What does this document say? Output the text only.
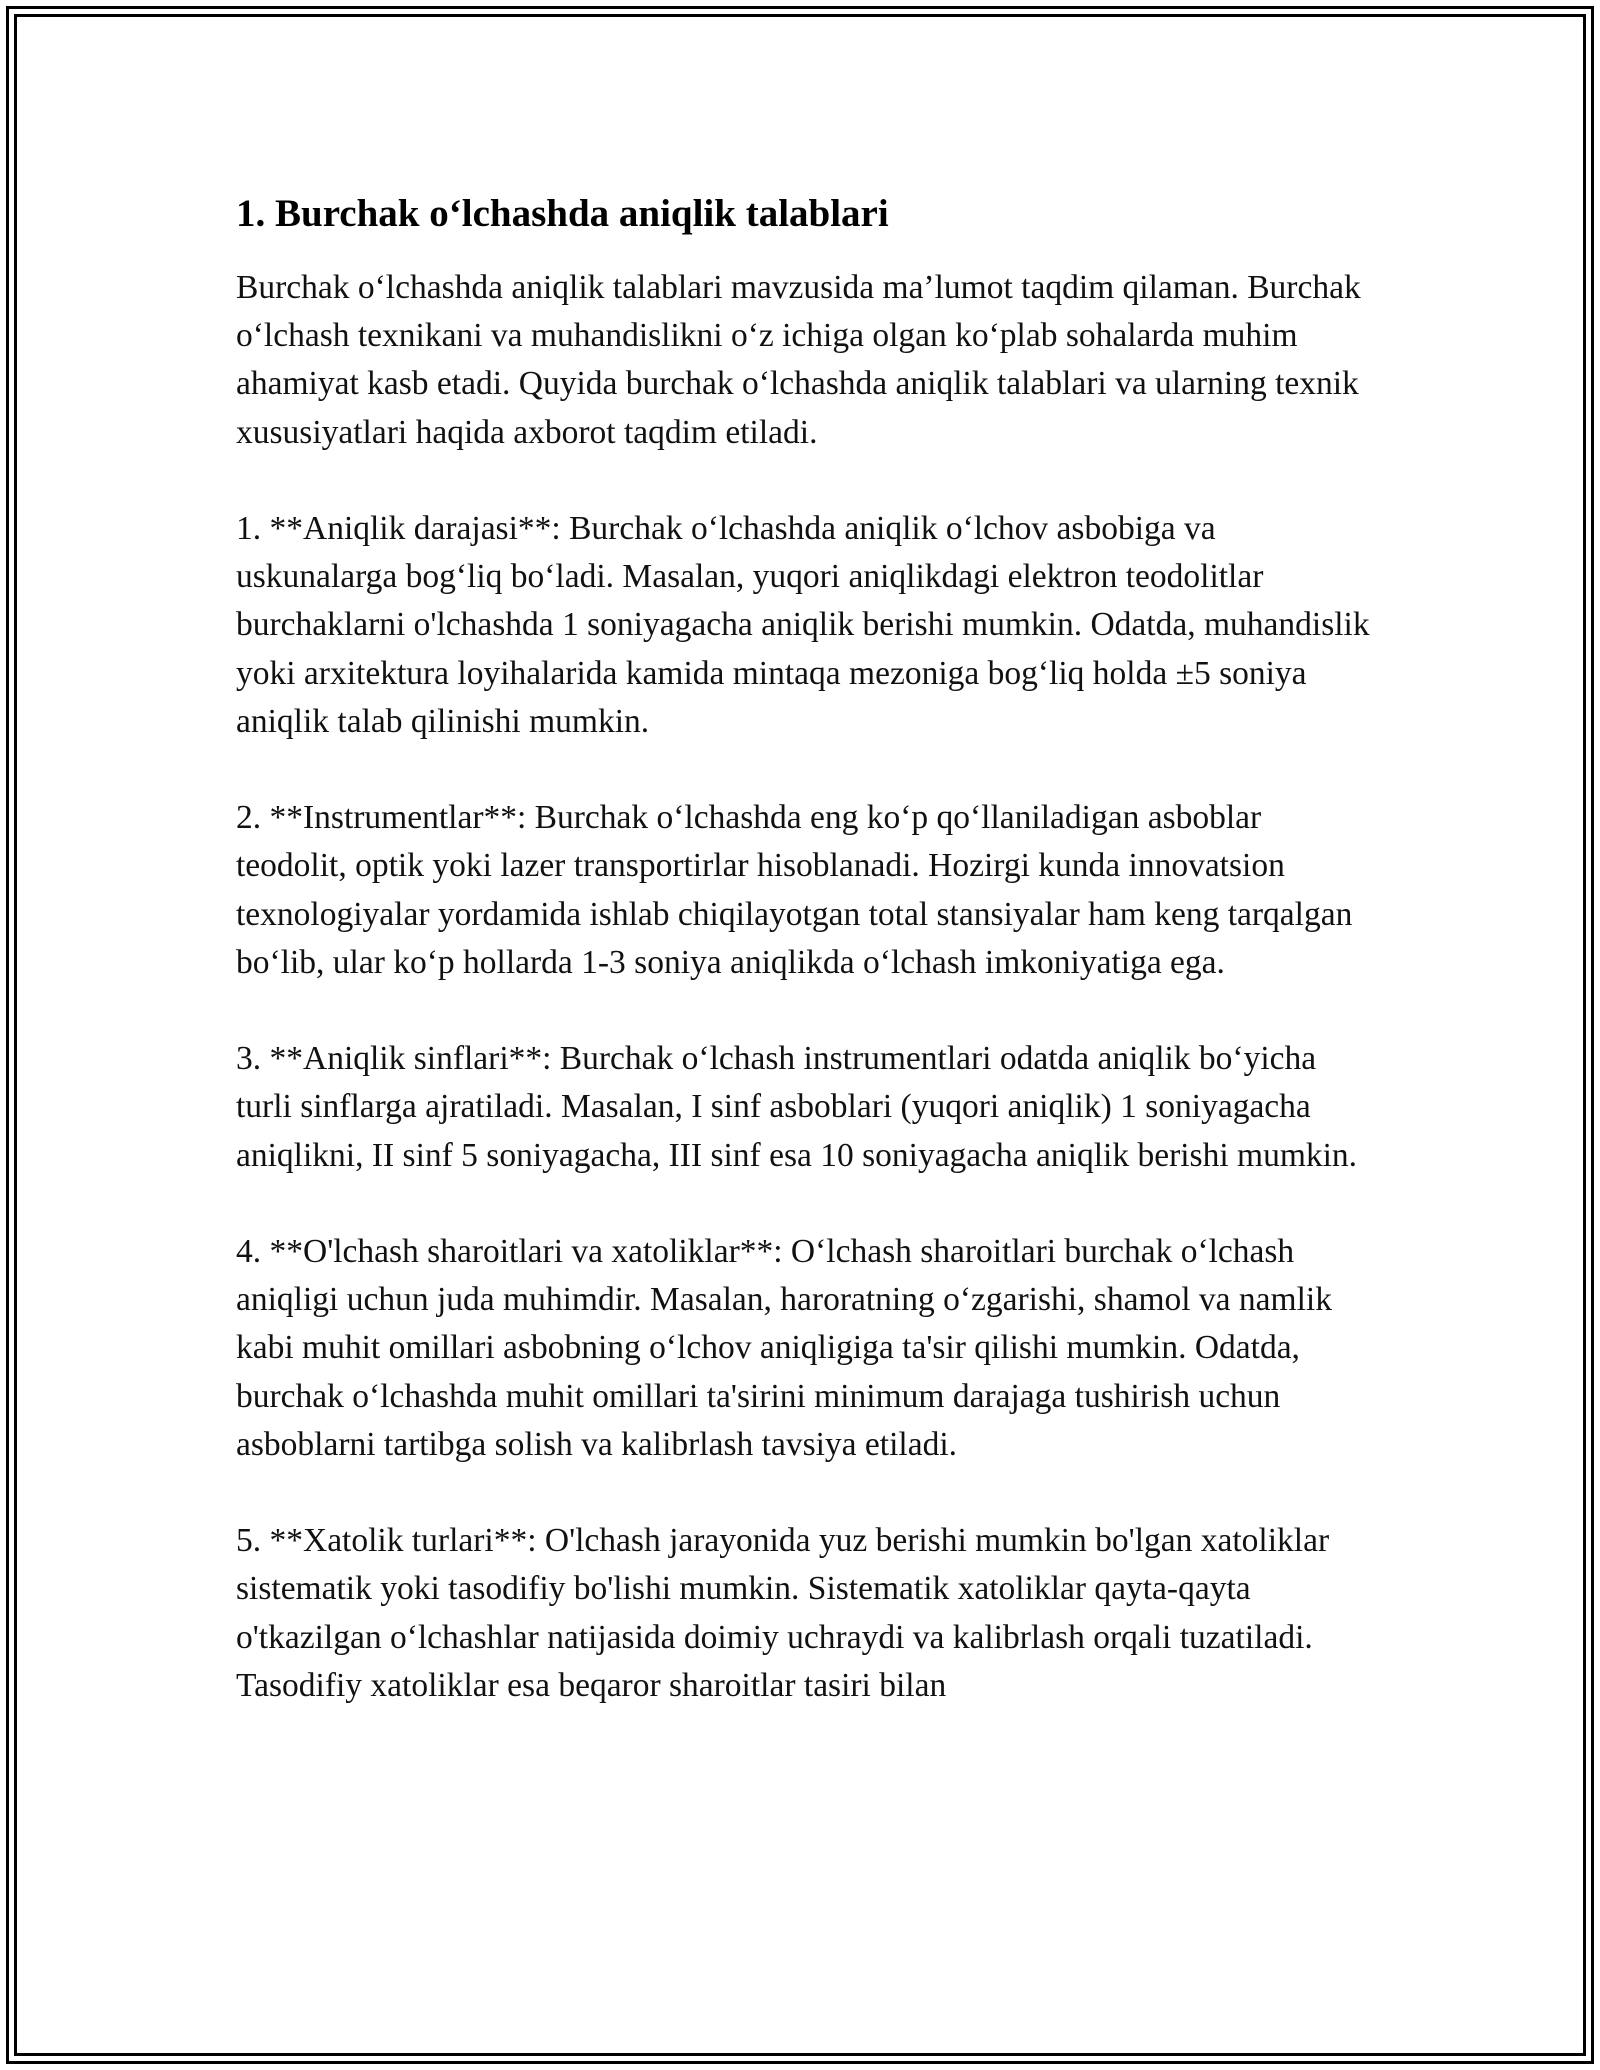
1. Burchak o‘lchashda aniqlik talablari

Burchak o‘lchashda aniqlik talablari mavzusida ma’lumot taqdim qilaman. Burchak o‘lchash texnikani va muhandislikni o‘z ichiga olgan ko‘plab sohalarda muhim ahamiyat kasb etadi. Quyida burchak o‘lchashda aniqlik talablari va ularning texnik xususiyatlari haqida axborot taqdim etiladi.

1. **Aniqlik darajasi**: Burchak o‘lchashda aniqlik o‘lchov asbobiga va uskunalarga bog‘liq bo‘ladi. Masalan, yuqori aniqlikdagi elektron teodolitlar burchaklarni o'lchashda 1 soniyagacha aniqlik berishi mumkin. Odatda, muhandislik yoki arxitektura loyihalarida kamida mintaqa mezoniga bog‘liq holda ±5 soniya aniqlik talab qilinishi mumkin.

2. **Instrumentlar**: Burchak o‘lchashda eng ko‘p qo‘llaniladigan asboblar teodolit, optik yoki lazer transportirlar hisoblanadi. Hozirgi kunda innovatsion texnologiyalar yordamida ishlab chiqilayotgan total stansiyalar ham keng tarqalgan bo‘lib, ular ko‘p hollarda 1-3 soniya aniqlikda o‘lchash imkoniyatiga ega.

3. **Aniqlik sinflari**: Burchak o‘lchash instrumentlari odatda aniqlik bo‘yicha turli sinflarga ajratiladi. Masalan, I sinf asboblari (yuqori aniqlik) 1 soniyagacha aniqlikni, II sinf 5 soniyagacha, III sinf esa 10 soniyagacha aniqlik berishi mumkin.

4. **O'lchash sharoitlari va xatoliklar**: O‘lchash sharoitlari burchak o‘lchash aniqligi uchun juda muhimdir. Masalan, haroratning o‘zgarishi, shamol va namlik kabi muhit omillari asbobning o‘lchov aniqligiga ta'sir qilishi mumkin. Odatda, burchak o‘lchashda muhit omillari ta'sirini minimum darajaga tushirish uchun asboblarni tartibga solish va kalibrlash tavsiya etiladi.

5. **Xatolik turlari**: O'lchash jarayonida yuz berishi mumkin bo'lgan xatoliklar sistematik yoki tasodifiy bo'lishi mumkin. Sistematik xatoliklar qayta-qayta o'tkazilgan o‘lchashlar natijasida doimiy uchraydi va kalibrlash orqali tuzatiladi. Tasodifiy xatoliklar esa beqaror sharoitlar tasiri bilan
